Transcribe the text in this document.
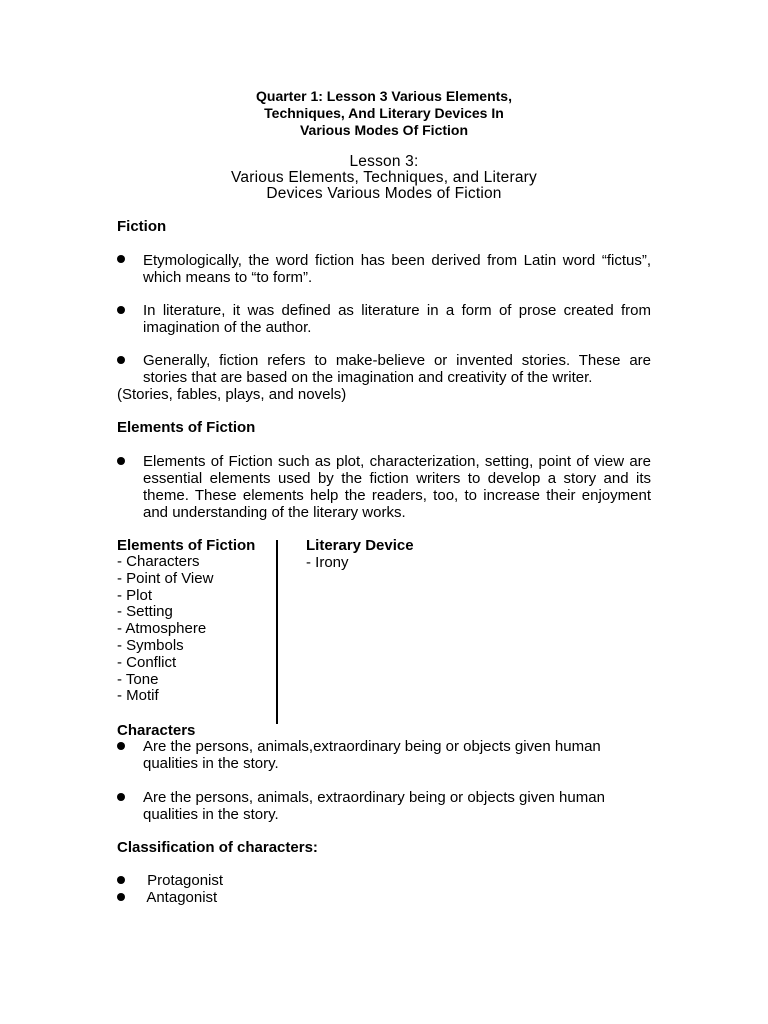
Quarter 1: Lesson 3 Various Elements,
Techniques, And Literary Devices In
Various Modes Of Fiction
Lesson 3:
Various Elements, Techniques, and Literary
Devices Various Modes of Fiction
Fiction
Etymologically, the word fiction has been derived from Latin word “fictus”, which means to “to form”.
In literature, it was defined as literature in a form of prose created from imagination of the author.
Generally, fiction refers to make-believe or invented stories. These are stories that are based on the imagination and creativity of the writer.
(Stories, fables, plays, and novels)
Elements of Fiction
Elements of Fiction such as plot, characterization, setting, point of view are essential elements used by the fiction writers to develop a story and its theme. These elements help the readers, too, to increase their enjoyment and understanding of the literary works.
Elements of Fiction
- Characters
- Point of View
- Plot
- Setting
- Atmosphere
- Symbols
- Conflict
- Tone
- Motif
Literary Device
- Irony
Characters
Are the persons, animals,extraordinary being or objects given human qualities in the story.
Are the persons, animals, extraordinary being or objects given human qualities in the story.
Classification of characters:
Protagonist
Antagonist
